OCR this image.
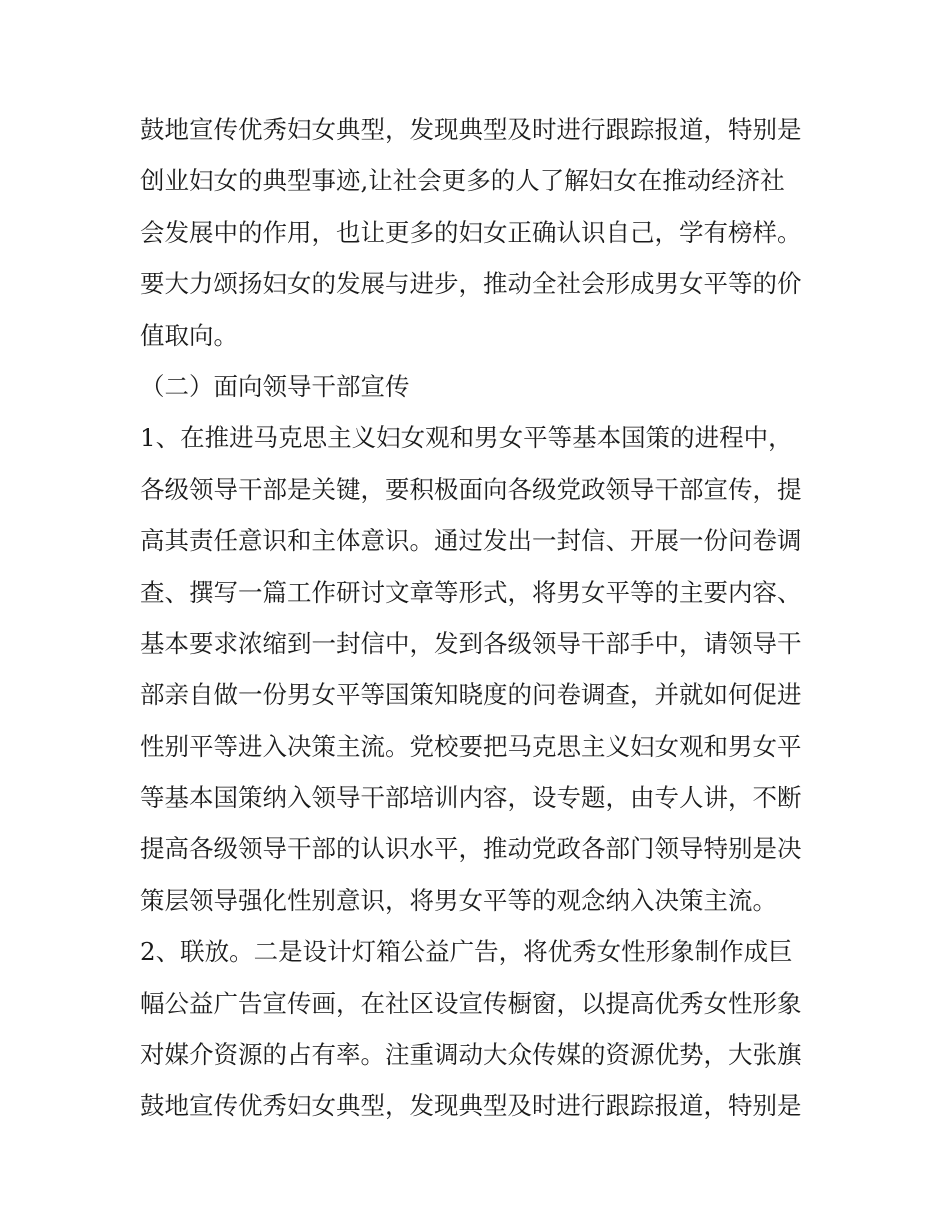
鼓地宣传优秀妇女典型，发现典型及时进行跟踪报道，特别是
创业妇女的典型事迹,让社会更多的人了解妇女在推动经济社
会发展中的作用，也让更多的妇女正确认识自己，学有榜样。
要大力颂扬妇女的发展与进步，推动全社会形成男女平等的价
值取向。
（二）面向领导干部宣传
1、在推进马克思主义妇女观和男女平等基本国策的进程中，
各级领导干部是关键，要积极面向各级党政领导干部宣传，提
高其责任意识和主体意识。通过发出一封信、开展一份问卷调
查、撰写一篇工作研讨文章等形式，将男女平等的主要内容、
基本要求浓缩到一封信中，发到各级领导干部手中，请领导干
部亲自做一份男女平等国策知晓度的问卷调查，并就如何促进
性别平等进入决策主流。党校要把马克思主义妇女观和男女平
等基本国策纳入领导干部培训内容，设专题，由专人讲，不断
提高各级领导干部的认识水平，推动党政各部门领导特别是决
策层领导强化性别意识，将男女平等的观念纳入决策主流。
2、联放。二是设计灯箱公益广告，将优秀女性形象制作成巨
幅公益广告宣传画，在社区设宣传橱窗，以提高优秀女性形象
对媒介资源的占有率。注重调动大众传媒的资源优势，大张旗
鼓地宣传优秀妇女典型，发现典型及时进行跟踪报道，特别是
